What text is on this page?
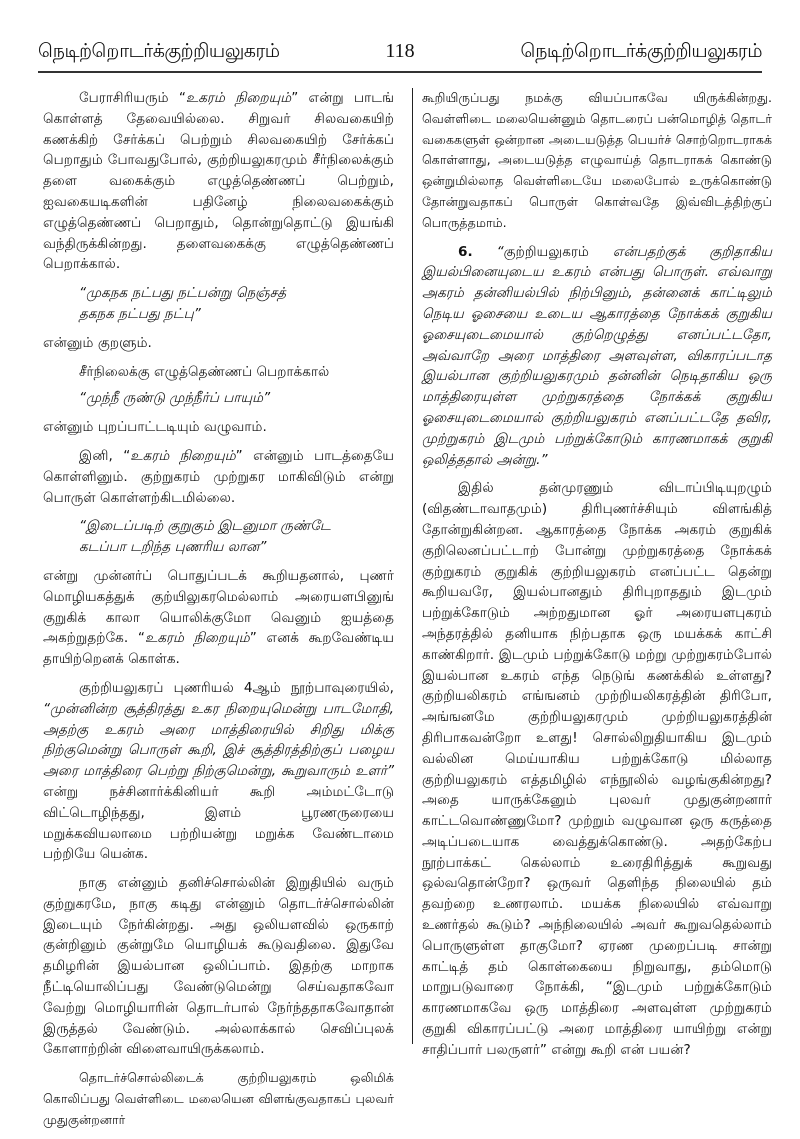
நெடிற்றொடர்க்குற்றியலுகரம்	118	நெடிற்றொடர்க்குற்றியலுகரம்

பேராசிரியரும் “உகரம் நிறையும்” என்று பாடங் கொள்ளத் தேவையில்லை. சிறுவர் சிலவகையிற் கணக்கிற் சேர்க்கப் பெற்றும் சிலவகையிற் சேர்க்கப் பெறாதும் போவதுபோல், குற்றியலுகரமும் சீர்நிலைக்கும் தளை வகைக்கும் எழுத்தெண்ணப் பெற்றும், ஐவகையடிகளின் பதினேழ் நிலைவகைக்கும் எழுத்தெண்ணப் பெறாதும், தொன்றுதொட்டு இயங்கி வந்திருக்கின்றது. தளைவகைக்கு எழுத்தெண்ணப் பெறாக்கால்.

“முகநக நட்பது நட்பன்று நெஞ்சத்
தகநக நட்பது நட்பு”

என்னும் குறளும்.

சீர்நிலைக்கு எழுத்தெண்ணப் பெறாக்கால்

“முந்நீ ருண்டு முந்நீர்ப் பாயும்”

என்னும் புறப்பாட்டடியும் வழுவாம்.

இனி, “உகரம் நிறையும்” என்னும் பாடத்தையே கொள்ளினும். குற்றுகரம் முற்றுகர மாகிவிடும் என்று பொருள் கொள்ளற்கிடமில்லை.

“இடைப்படிற் குறுகும் இடனுமா ருண்டே
கடப்பா டறிந்த புணரிய லான”

என்று முன்னர்ப் பொதுப்படக் கூறியதனால், புணர் மொழியகத்துக் குற்யிலுகரமெல்லாம் அரையளபினுங் குறுகிக் காலா யொலிக்குமோ வெனும் ஐயத்தை அகற்றுதற்கே. “உகரம் நிறையும்” எனக் கூறவேண்டிய தாயிற்றெனக் கொள்க.

குற்றியலுகரப் புணரியல் 4ஆம் நூற்பாவுரையில், “முன்னின்ற சூத்திரத்து உகர நிறையுமென்று பாடமோதி, அதற்கு உகரம் அரை மாத்திரையில் சிறிது மிக்கு நிற்குமென்று பொருள் கூறி, இச் சூத்திரத்திற்குப் பழைய அரை மாத்திரை பெற்று நிற்குமென்று, கூறுவாரும் உளர்” என்று நச்சினார்க்கினியர் கூறி அம்மட்டோடு விட்டொழிந்தது, இளம் பூரணருரையை மறுக்கவியலாமை பற்றியன்று மறுக்க வேண்டாமை பற்றியே யென்க.

நாகு என்னும் தனிச்சொல்லின் இறுதியில் வரும் குற்றுகரமே, நாகு கடிது என்னும் தொடர்ச்சொல்லின் இடையும் நேர்கின்றது. அது ஒலியளவில் ஒருகாற் குன்றினும் குன்றுமே யொழியக் கூடுவதிலை. இதுவே தமிழரின் இயல்பான ஒலிப்பாம். இதற்கு மாறாக நீட்டியொலிப்பது வேண்டுமென்று செய்வதாகவோ வேற்று மொழியாரின் தொடர்பால் நேர்ந்ததாகவோதான் இருத்தல் வேண்டும். அல்லாக்கால் செவிப்புலக் கோளாற்றின் விளைவாயிருக்கலாம்.

தொடர்ச்சொல்லிடைக் குற்றியலுகரம் ஒலிமிக் கொலிப்பது வெள்ளிடை மலையென விளங்குவதாகப் புலவர் முதுகுன்றனார்

கூறியிருப்பது நமக்கு வியப்பாகவே யிருக்கின்றது. வெள்ளிடை மலையென்னும் தொடரைப் பன்மொழித் தொடர் வகைகளுள் ஒன்றான அடையடுத்த பெயர்ச் சொற்றொடராகக் கொள்ளாது, அடையடுத்த எழுவாய்த் தொடராகக் கொண்டு ஒன்றுமில்லாத வெள்ளிடையே மலைபோல் உருக்கொண்டு தோன்றுவதாகப் பொருள் கொள்வதே இவ்விடத்திற்குப் பொருத்தமாம்.

6. “குற்றியலுகரம் என்பதற்குக் குறிதாகிய இயல்பினையுடைய உகரம் என்பது பொருள். எவ்வாறு அகரம் தன்னியல்பில் நிற்பினும், தன்னைக் காட்டிலும் நெடிய ஓசையை உடைய ஆகாரத்தை நோக்கக் குறுகிய ஓசையுடைமையால் குற்றெழுத்து எனப்பட்டதோ, அவ்வாறே அரை மாத்திரை அளவுள்ள, விகாரப்படாத இயல்பான குற்றியலுகரமும் தன்னின் நெடிதாகிய ஒரு மாத்திரையுள்ள முற்றுகரத்தை நோக்கக் குறுகிய ஓசையுடைமையால் குற்றியலுகரம் எனப்பட்டதே தவிர, முற்றுகரம் இடமும் பற்றுக்கோடும் காரணமாகக் குறுகி ஒலித்ததால் அன்று.”

இதில் தன்முரணும் விடாப்பிடியுறழும் (விதண்டாவாதமும்) திரிபுணர்ச்சியும் விளங்கித் தோன்றுகின்றன. ஆகாரத்தை நோக்க அகரம் குறுகிக் குறிலெனப்பட்டாற் போன்று முற்றுகரத்தை நோக்கக் குற்றுகரம் குறுகிக் குற்றியலுகரம் எனப்பட்ட தென்று கூறியவரே, இயல்பானதும் திரிபுறாததும் இடமும் பற்றுக்கோடும் அற்றதுமான ஓர் அரையளபுகரம் அந்தரத்தில் தனியாக நிற்பதாக ஒரு மயக்கக் காட்சி காண்கிறார். இடமும் பற்றுக்கோடு மற்று முற்றுகரம்போல் இயல்பான உகரம் எந்த நெடுங் கணக்கில் உள்ளது? குற்றியலிகரம் எங்ஙனம் முற்றியலிகரத்தின் திரிபோ, அங்ஙனமே குற்றியலுகரமும் முற்றியலுகரத்தின் திரிபாகவன்றோ உளது! சொல்லிறுதியாகிய இடமும் வல்லின மெய்யாகிய பற்றுக்கோடு மில்லாத குற்றியலுகரம் எத்தமிழில் எந்நூலில் வழங்குகின்றது? அதை யாருக்கேனும் புலவர் முதுகுன்றனார் காட்டவொண்ணுமோ? முற்றும் வழுவான ஒரு கருத்தை அடிப்படையாக வைத்துக்கொண்டு. அதற்கேற்ப நூற்பாக்கட் கெல்லாம் உரைதிரித்துக் கூறுவது ஒல்வதொன்றோ? ஒருவர் தெளிந்த நிலையில் தம் தவற்றை உணரலாம். மயக்க நிலையில் எவ்வாறு உணர்தல் கூடும்? அந்நிலையில் அவர் கூறுவதெல்லாம் பொருளுள்ள தாகுமோ? ஏரண முறைப்படி சான்று காட்டித் தம் கொள்கையை நிறுவாது, தம்மொடு மாறுபடுவாரை நோக்கி, “இடமும் பற்றுக்கோடும் காரணமாகவே ஒரு மாத்திரை அளவுள்ள முற்றுகரம் குறுகி விகாரப்பட்டு அரை மாத்திரை யாயிற்று என்று சாதிப்பார் பலருளர்” என்று கூறி என் பயன்?
